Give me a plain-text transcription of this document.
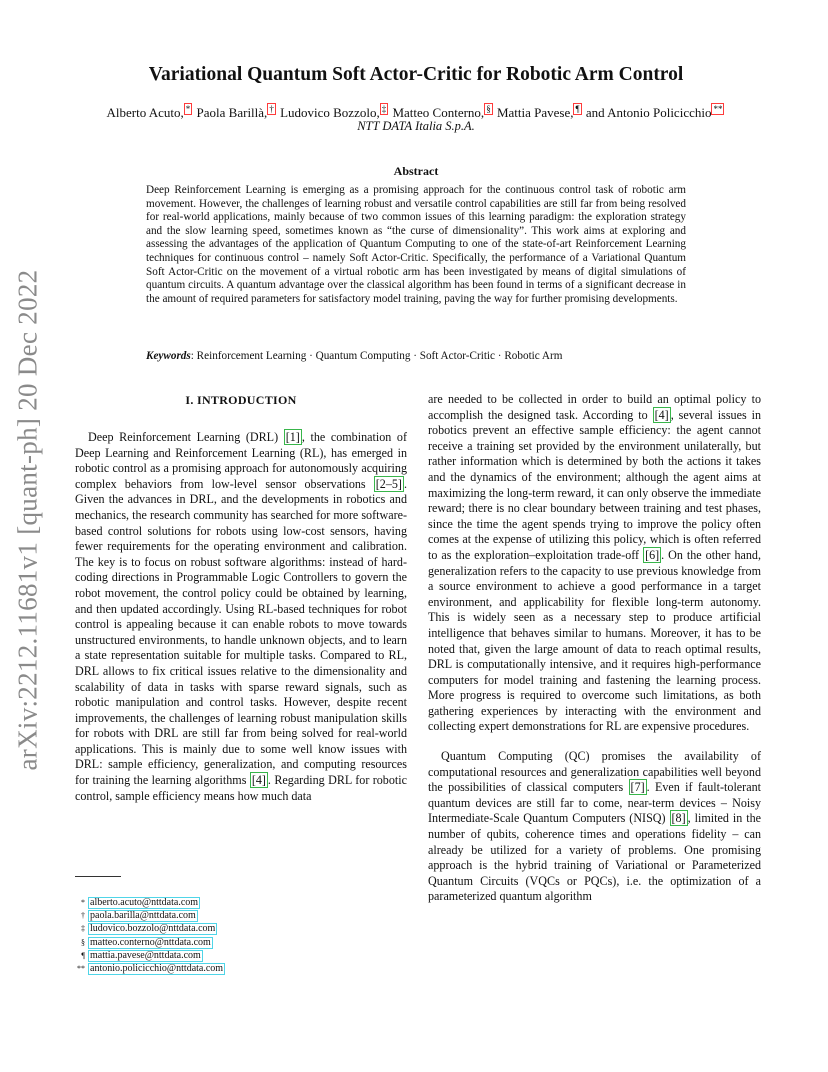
arXiv:2212.11681v1 [quant-ph] 20 Dec 2022
Variational Quantum Soft Actor-Critic for Robotic Arm Control
Alberto Acuto, * Paola Barillà, † Ludovico Bozzolo, ‡ Matteo Conterno, § Mattia Pavese, ¶ and Antonio Policicchio **
NTT DATA Italia S.p.A.
Abstract
Deep Reinforcement Learning is emerging as a promising approach for the continuous control task of robotic arm movement. However, the challenges of learning robust and versatile control capabilities are still far from being resolved for real-world applications, mainly because of two common issues of this learning paradigm: the exploration strategy and the slow learning speed, sometimes known as “the curse of dimensionality”. This work aims at exploring and assessing the advantages of the application of Quantum Computing to one of the state-of-art Reinforcement Learning techniques for continuous control – namely Soft Actor-Critic. Specifically, the performance of a Variational Quantum Soft Actor-Critic on the movement of a virtual robotic arm has been investigated by means of digital simulations of quantum circuits. A quantum advantage over the classical algorithm has been found in terms of a significant decrease in the amount of required parameters for satisfactory model training, paving the way for further promising developments.
Keywords: Reinforcement Learning · Quantum Computing · Soft Actor-Critic · Robotic Arm
I. INTRODUCTION

Deep Reinforcement Learning (DRL) [1] , the combination of Deep Learning and Reinforcement Learning (RL), has emerged in robotic control as a promising approach for autonomously acquiring complex behaviors from low-level sensor observations [2–5] . Given the advances in DRL, and the developments in robotics and mechanics, the research community has searched for more software-based control solutions for robots using low-cost sensors, having fewer requirements for the operating environment and calibration. The key is to focus on robust software algorithms: instead of hard-coding directions in Programmable Logic Controllers to govern the robot movement, the control policy could be obtained by learning, and then updated accordingly. Using RL-based techniques for robot control is appealing because it can enable robots to move towards unstructured environments, to handle unknown objects, and to learn a state representation suitable for multiple tasks. Compared to RL, DRL allows to fix critical issues relative to the dimensionality and scalability of data in tasks with sparse reward signals, such as robotic manipulation and control tasks. However, despite recent improvements, the challenges of learning robust manipulation skills for robots with DRL are still far from being solved for real-world applications. This is mainly due to some well know issues with DRL: sample efficiency, generalization, and computing resources for training the learning algorithms [4] . Regarding DRL for robotic control, sample efficiency means how much data

are needed to be collected in order to build an optimal policy to accomplish the designed task. According to [4] , several issues in robotics prevent an effective sample efficiency: the agent cannot receive a training set provided by the environment unilaterally, but rather information which is determined by both the actions it takes and the dynamics of the environment; although the agent aims at maximizing the long-term reward, it can only observe the immediate reward; there is no clear boundary between training and test phases, since the time the agent spends trying to improve the policy often comes at the expense of utilizing this policy, which is often referred to as the exploration–exploitation trade-off [6] . On the other hand, generalization refers to the capacity to use previous knowledge from a source environment to achieve a good performance in a target environment, and applicability for flexible long-term autonomy. This is widely seen as a necessary step to produce artificial intelligence that behaves similar to humans. Moreover, it has to be noted that, given the large amount of data to reach optimal results, DRL is computationally intensive, and it requires high-performance computers for model training and fastening the learning process. More progress is required to overcome such limitations, as both gathering experiences by interacting with the environment and collecting expert demonstrations for RL are expensive procedures.

Quantum Computing (QC) promises the availability of computational resources and generalization capabilities well beyond the possibilities of classical computers [7] . Even if fault-tolerant quantum devices are still far to come, near-term devices – Noisy Intermediate-Scale Quantum Computers (NISQ) [8] , limited in the number of qubits, coherence times and operations fidelity – can already be utilized for a variety of problems. One promising approach is the hybrid training of Variational or Parameterized Quantum Circuits (VQCs or PQCs), i.e. the optimization of a parameterized quantum algorithm

* alberto.acuto@nttdata.com
† paola.barilla@nttdata.com
‡ ludovico.bozzolo@nttdata.com
§ matteo.conterno@nttdata.com
¶ mattia.pavese@nttdata.com
** antonio.policicchio@nttdata.com
